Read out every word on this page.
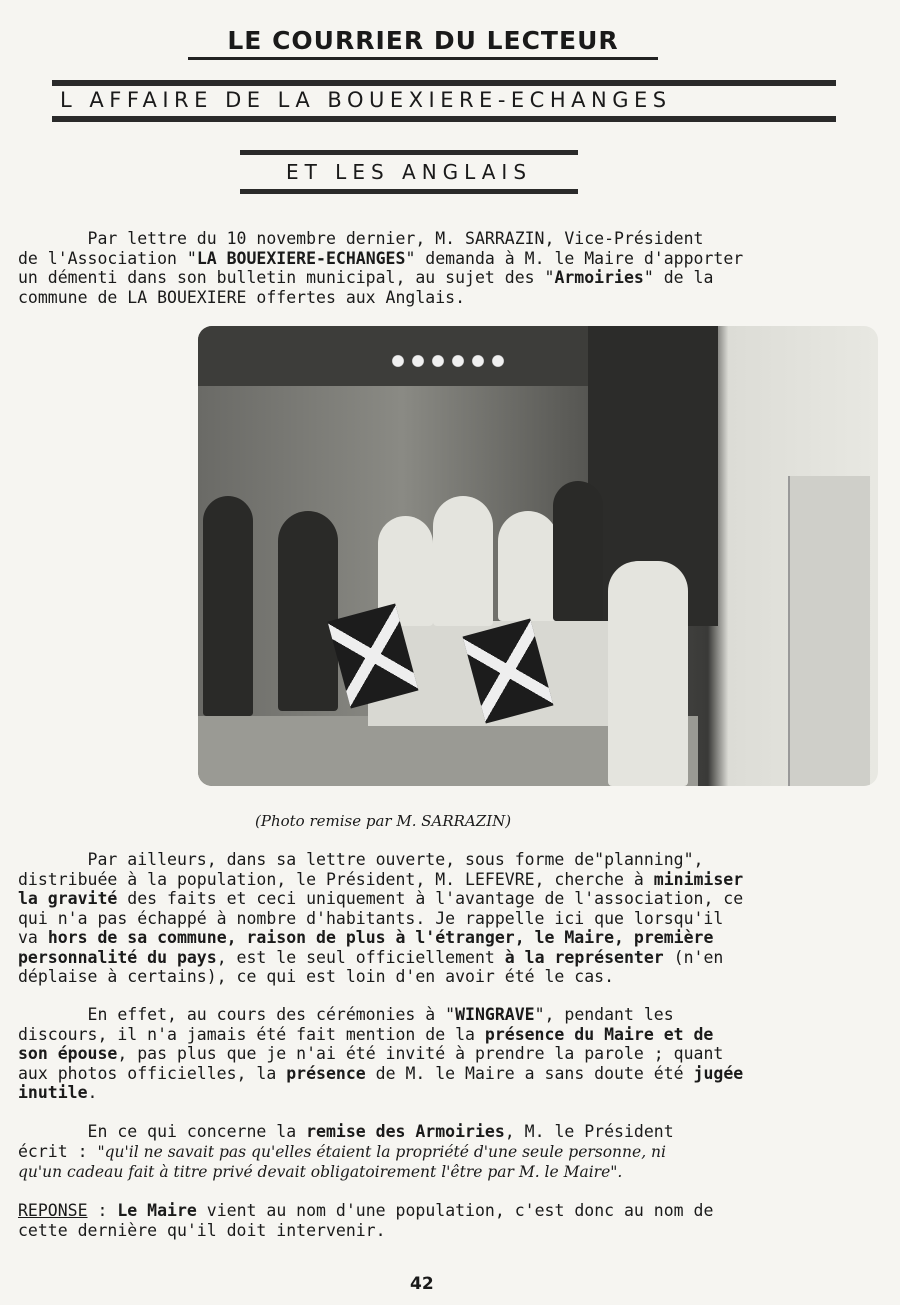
LE COURRIER DU LECTEUR
L AFFAIRE DE LA BOUEXIERE-ECHANGES
ET LES ANGLAIS
Par lettre du 10 novembre dernier, M. SARRAZIN, Vice-Président
de l'Association "LA BOUEXIERE-ECHANGES" demanda à M. le Maire d'apporter
un démenti dans son bulletin municipal, au sujet des "Armoiries" de la
commune de LA BOUEXIERE offertes aux Anglais.
(Photo remise par M. SARRAZIN)
Par ailleurs, dans sa lettre ouverte, sous forme de"planning",
distribuée à la population, le Président, M. LEFEVRE, cherche à minimiser
la gravité des faits et ceci uniquement à l'avantage de l'association, ce
qui n'a pas échappé à nombre d'habitants. Je rappelle ici que lorsqu'il
va hors de sa commune, raison de plus à l'étranger, le Maire, première
personnalité du pays, est le seul officiellement à la représenter (n'en
déplaise à certains), ce qui est loin d'en avoir été le cas.
En effet, au cours des cérémonies à "WINGRAVE", pendant les
discours, il n'a jamais été fait mention de la présence du Maire et de
son épouse, pas plus que je n'ai été invité à prendre la parole ; quant
aux photos officielles, la présence de M. le Maire a sans doute été jugée
inutile.
En ce qui concerne la remise des Armoiries, M. le Président
écrit : "qu'il ne savait pas qu'elles étaient la propriété d'une seule personne, ni
qu'un cadeau fait à titre privé devait obligatoirement l'être par M. le Maire".
REPONSE : Le Maire vient au nom d'une population, c'est donc au nom de
cette dernière qu'il doit intervenir.
42
